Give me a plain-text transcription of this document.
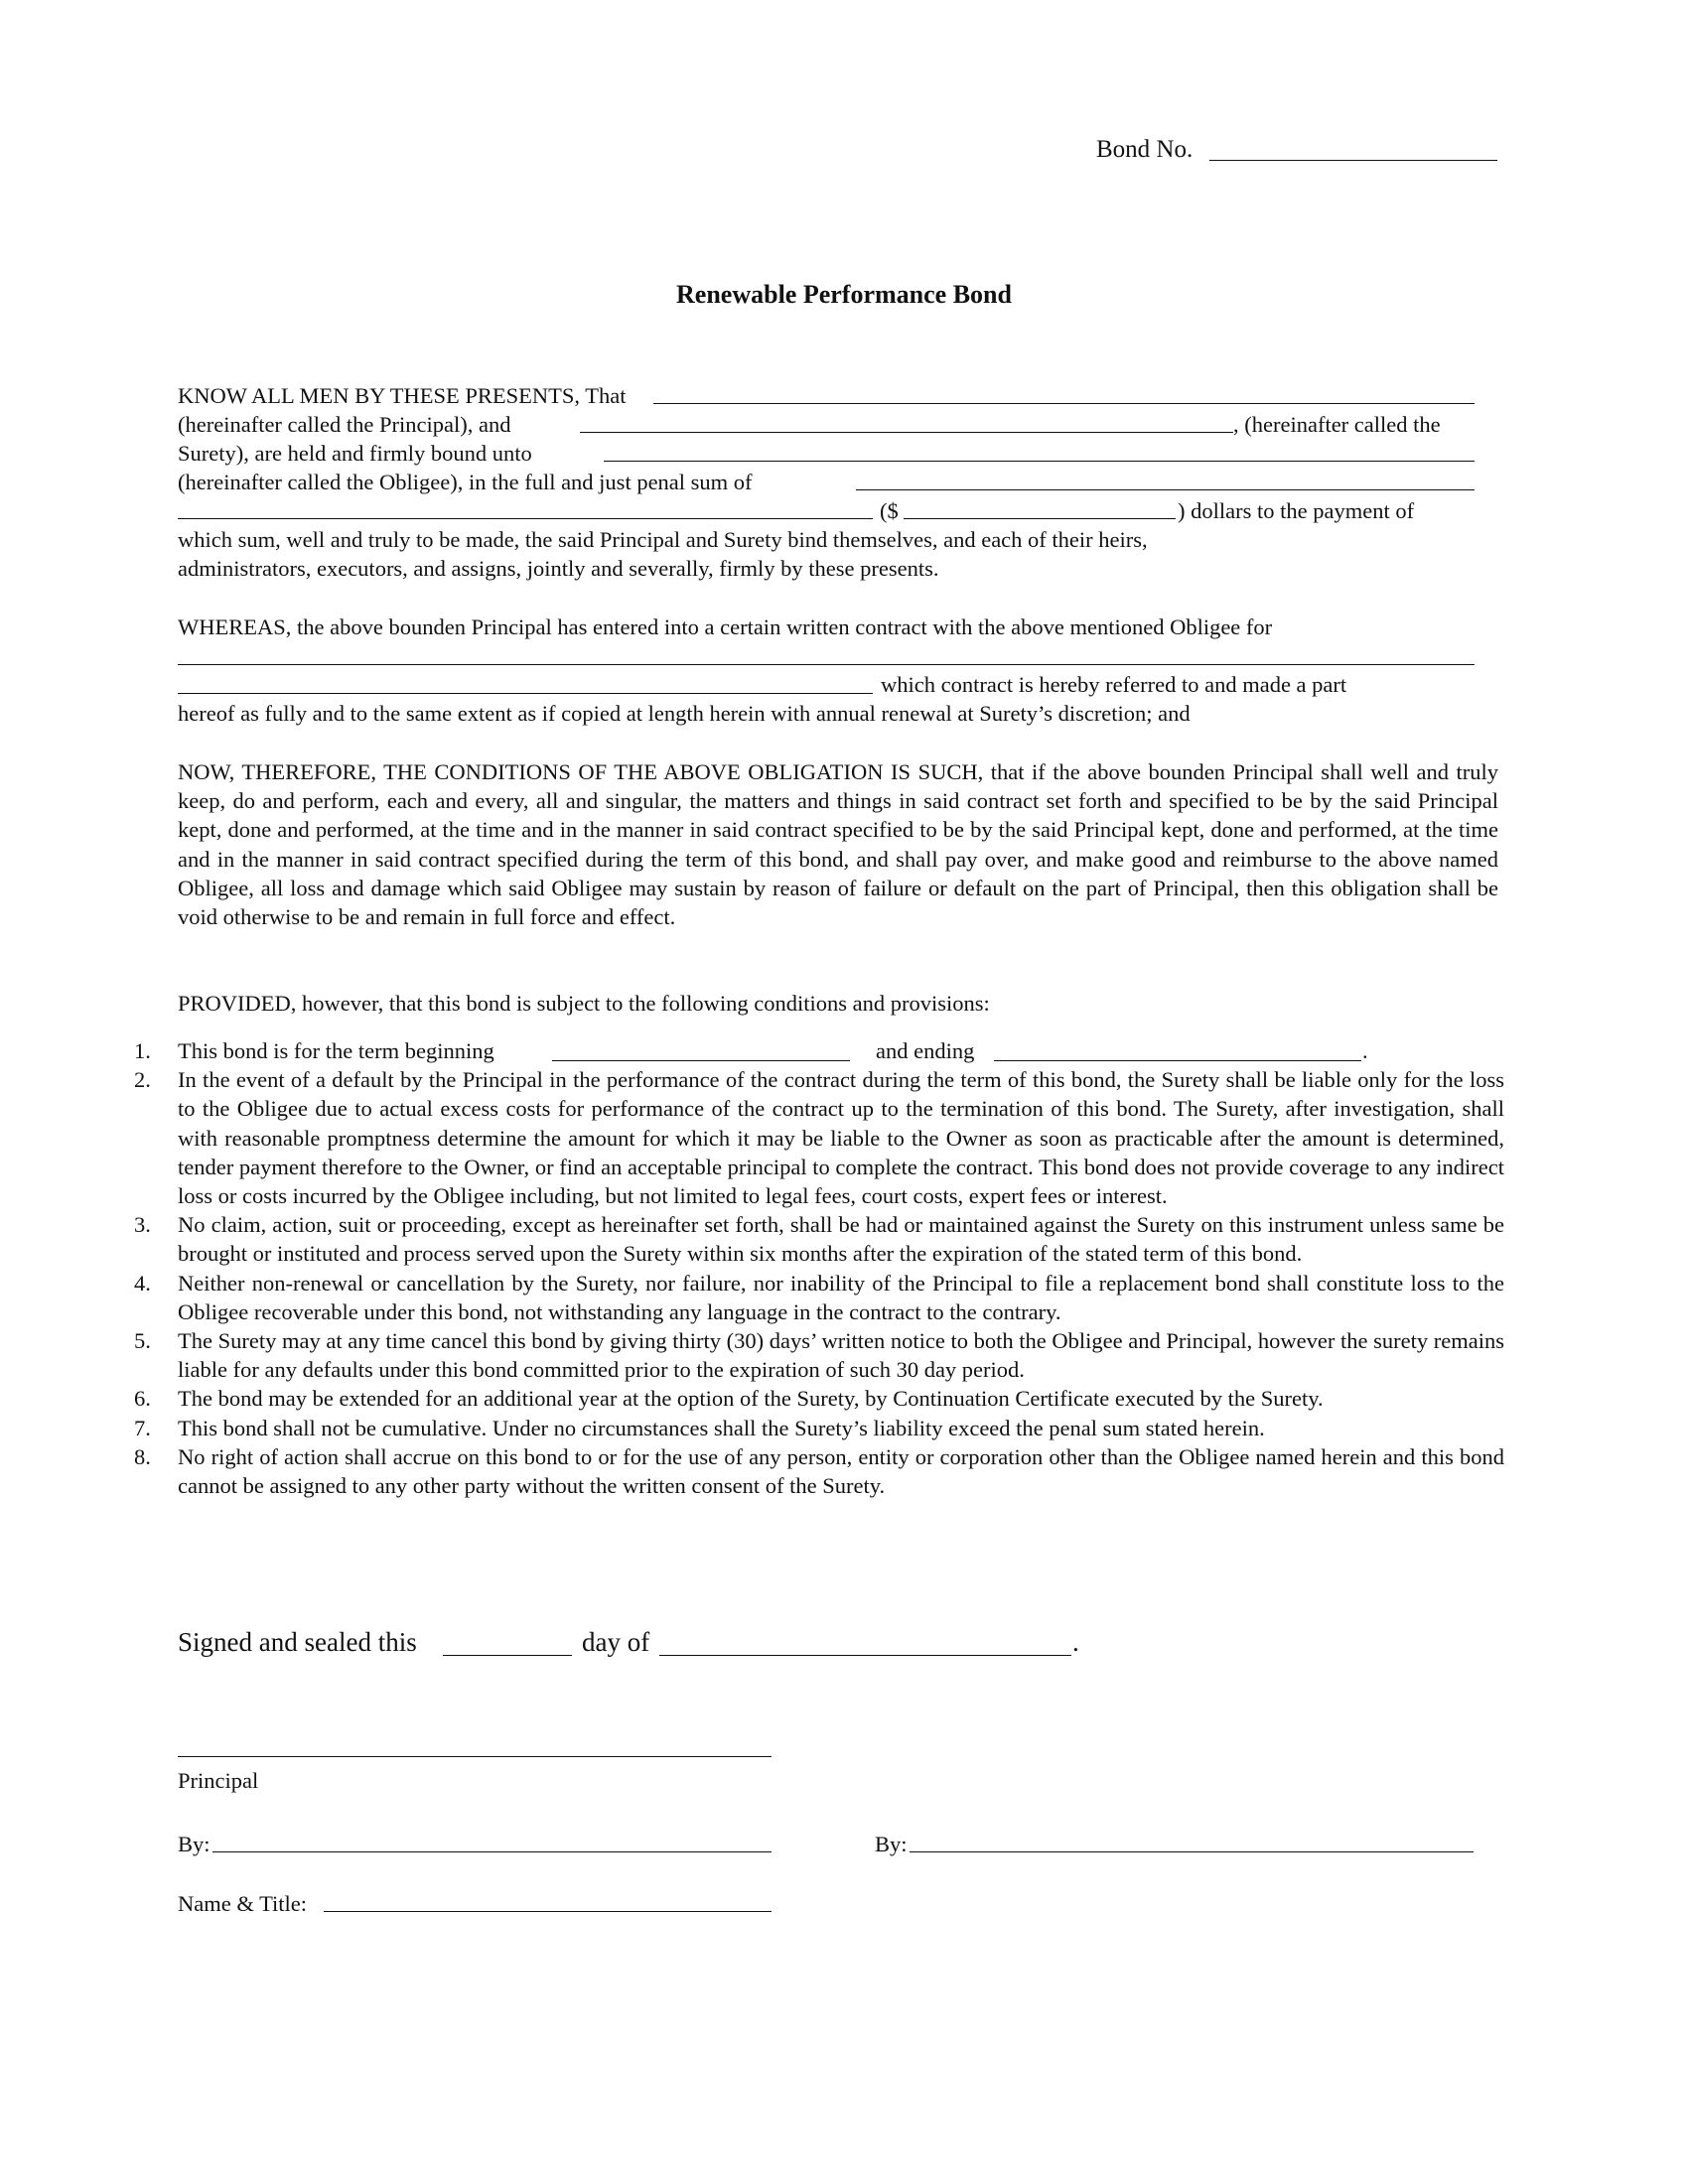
Bond No.
Renewable Performance Bond
KNOW ALL MEN BY THESE PRESENTS, That
(hereinafter called the Principal), and	, (hereinafter called the
Surety), are held and firmly bound unto
(hereinafter called the Obligee), in the full and just penal sum of
($	) dollars to the payment of
which sum, well and truly to be made, the said Principal and Surety bind themselves, and each of their heirs,
administrators, executors, and assigns, jointly and severally, firmly by these presents.
WHEREAS, the above bounden Principal has entered into a certain written contract with the above mentioned Obligee for
which contract is hereby referred to and made a part
hereof as fully and to the same extent as if copied at length herein with annual renewal at Surety’s discretion; and

NOW, THEREFORE, THE CONDITIONS OF THE ABOVE OBLIGATION IS SUCH, that if the above bounden Principal shall well and truly keep, do and perform, each and every, all and singular, the matters and things in said contract set forth and specified to be by the said Principal kept, done and performed, at the time and in the manner in said contract specified to be by the said Principal kept, done and performed, at the time and in the manner in said contract specified during the term of this bond, and shall pay over, and make good and reimburse to the above named Obligee, all loss and damage which said Obligee may sustain by reason of failure or default on the part of Principal, then this obligation shall be void otherwise to be and remain in full force and effect.

PROVIDED, however, that this bond is subject to the following conditions and provisions:
1.	This bond is for the term beginning	and ending	.
2.	In the event of a default by the Principal in the performance of the contract during the term of this bond, the Surety shall be liable only for the loss to the Obligee due to actual excess costs for performance of the contract up to the termination of this bond. The Surety, after investigation, shall with reasonable promptness determine the amount for which it may be liable to the Owner as soon as practicable after the amount is determined, tender payment therefore to the Owner, or find an acceptable principal to complete the contract. This bond does not provide coverage to any indirect loss or costs incurred by the Obligee including, but not limited to legal fees, court costs, expert fees or interest.
3.	No claim, action, suit or proceeding, except as hereinafter set forth, shall be had or maintained against the Surety on this instrument unless same be brought or instituted and process served upon the Surety within six months after the expiration of the stated term of this bond.
4.	Neither non-renewal or cancellation by the Surety, nor failure, nor inability of the Principal to file a replacement bond shall constitute loss to the Obligee recoverable under this bond, not withstanding any language in the contract to the contrary.
5.	The Surety may at any time cancel this bond by giving thirty (30) days’ written notice to both the Obligee and Principal, however the surety remains liable for any defaults under this bond committed prior to the expiration of such 30 day period.
6.	The bond may be extended for an additional year at the option of the Surety, by Continuation Certificate executed by the Surety.
7.	This bond shall not be cumulative. Under no circumstances shall the Surety’s liability exceed the penal sum stated herein.
8.	No right of action shall accrue on this bond to or for the use of any person, entity or corporation other than the Obligee named herein and this bond cannot be assigned to any other party without the written consent of the Surety.
Signed and sealed this	day of	.
Principal
By:	By:
Name & Title:
